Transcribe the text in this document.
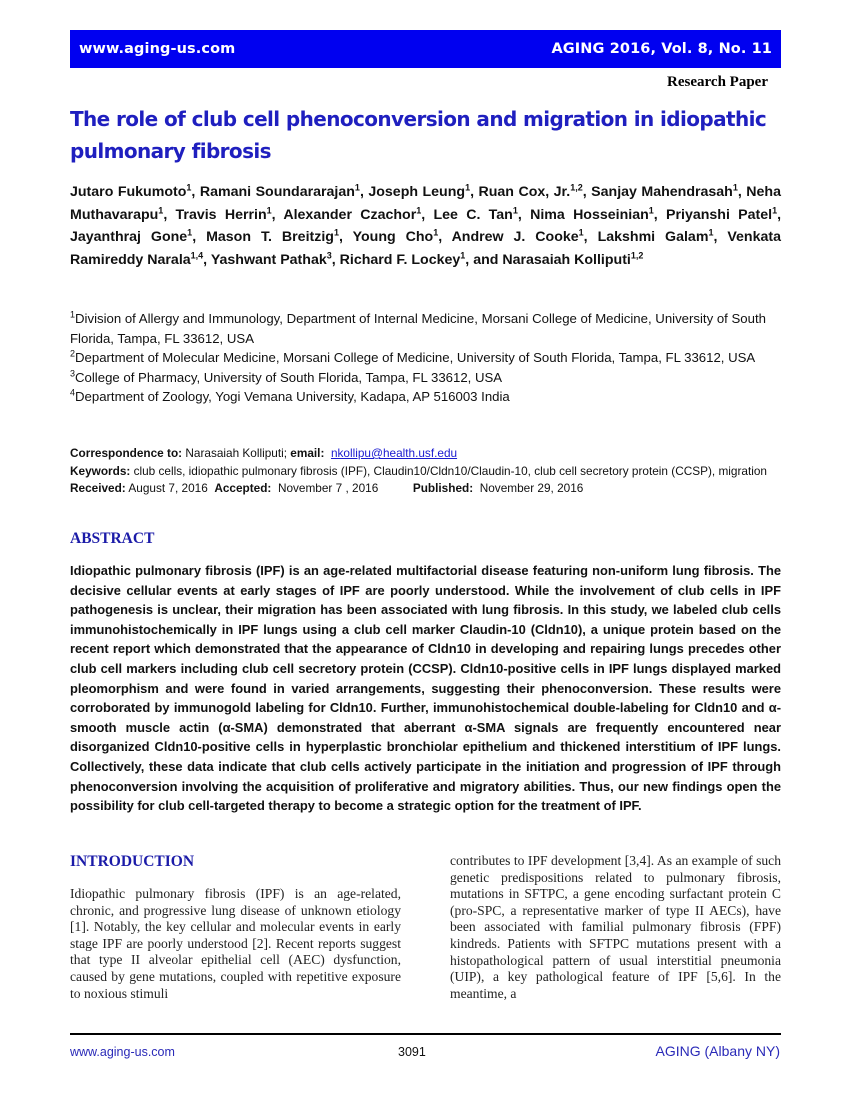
www.aging-us.com	AGING 2016, Vol. 8, No. 11
Research Paper
The role of club cell phenoconversion and migration in idiopathic pulmonary fibrosis
Jutaro Fukumoto$^1$, Ramani Soundararajan$^1$, Joseph Leung$^1$, Ruan Cox, Jr.$^{1,2}$, Sanjay Mahendrasah$^1$, Neha Muthavarapu$^1$, Travis Herrin$^1$, Alexander Czachor$^1$, Lee C. Tan$^1$, Nima Hosseinian$^1$, Priyanshi Patel$^1$, Jayanthraj Gone$^1$, Mason T. Breitzig$^1$, Young Cho$^1$, Andrew J. Cooke$^1$, Lakshmi Galam$^1$, Venkata Ramireddy Narala$^{1,4}$, Yashwant Pathak$^3$, Richard F. Lockey$^1$, and Narasaiah Kolliputi$^{1,2}$
$^1$Division of Allergy and Immunology, Department of Internal Medicine, Morsani College of Medicine, University of South Florida, Tampa, FL 33612, USA
$^2$Department of Molecular Medicine, Morsani College of Medicine, University of South Florida, Tampa, FL 33612, USA
$^3$College of Pharmacy, University of South Florida, Tampa, FL 33612, USA
$^4$Department of Zoology, Yogi Vemana University, Kadapa, AP 516003 India
Correspondence to: Narasaiah Kolliputi; email: nkollipu@health.usf.edu
Keywords: club cells, idiopathic pulmonary fibrosis (IPF), Claudin10/Cldn10/Claudin-10, club cell secretory protein (CCSP), migration
Received: August 7, 2016 Accepted: November 7 , 2016	Published: November 29, 2016
ABSTRACT

Idiopathic pulmonary fibrosis (IPF) is an age-related multifactorial disease featuring non-uniform lung fibrosis. The decisive cellular events at early stages of IPF are poorly understood. While the involvement of club cells in IPF pathogenesis is unclear, their migration has been associated with lung fibrosis. In this study, we labeled club cells immunohistochemically in IPF lungs using a club cell marker Claudin-10 (Cldn10), a unique protein based on the recent report which demonstrated that the appearance of Cldn10 in developing and repairing lungs precedes other club cell markers including club cell secretory protein (CCSP). Cldn10-positive cells in IPF lungs displayed marked pleomorphism and were found in varied arrangements, suggesting their phenoconversion. These results were corroborated by immunogold labeling for Cldn10. Further, immunohistochemical double-labeling for Cldn10 and α-smooth muscle actin (α-SMA) demonstrated that aberrant α-SMA signals are frequently encountered near disorganized Cldn10-positive cells in hyperplastic bronchiolar epithelium and thickened interstitium of IPF lungs. Collectively, these data indicate that club cells actively participate in the initiation and progression of IPF through phenoconversion involving the acquisition of proliferative and migratory abilities. Thus, our new findings open the possibility for club cell-targeted therapy to become a strategic option for the treatment of IPF.

INTRODUCTION

Idiopathic pulmonary fibrosis (IPF) is an age-related, chronic, and progressive lung disease of unknown etiology [1]. Notably, the key cellular and molecular events in early stage IPF are poorly understood [2]. Recent reports suggest that type II alveolar epithelial cell (AEC) dysfunction, caused by gene mutations, coupled with repetitive exposure to noxious stimuli

contributes to IPF development [3,4]. As an example of such genetic predispositions related to pulmonary fibrosis, mutations in SFTPC, a gene encoding surfactant protein C (pro-SPC, a representative marker of type II AECs), have been associated with familial pulmonary fibrosis (FPF) kindreds. Patients with SFTPC mutations present with a histopathological pattern of usual interstitial pneumonia (UIP), a key pathological feature of IPF [5,6]. In the meantime, a

www.aging-us.com	3091	AGING (Albany NY)
